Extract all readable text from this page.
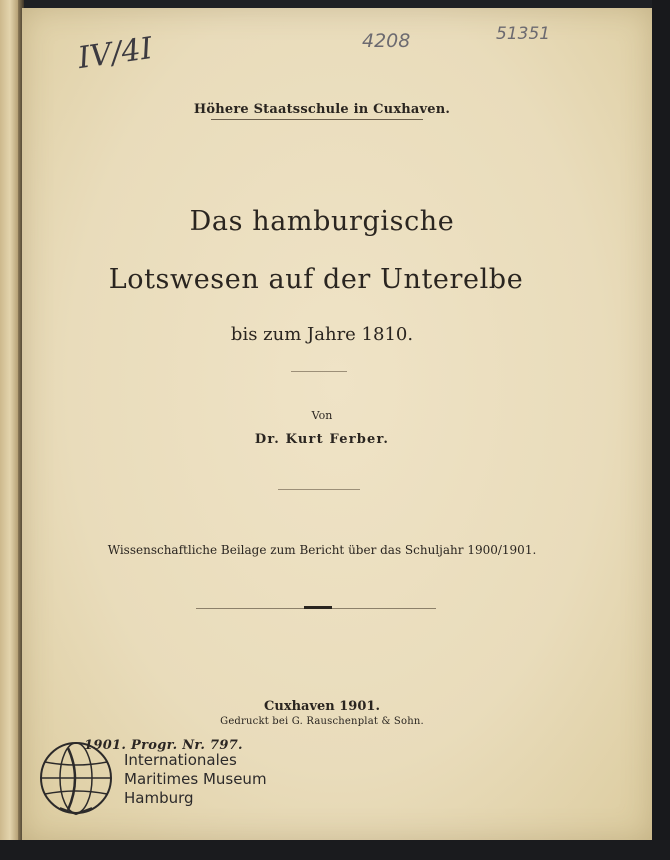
IV/4I	4208	51351
Höhere Staatsschule in Cuxhaven.
Das hamburgische
Lotswesen auf der Unterelbe
bis zum Jahre 1810.
Von
Dr. Kurt Ferber.
Wissenschaftliche Beilage zum Bericht über das Schuljahr 1900/1901.
Cuxhaven 1901.
Gedruckt bei G. Rauschenplat & Sohn.
1901. Progr. Nr. 797.
Internationales
Maritimes Museum
Hamburg
